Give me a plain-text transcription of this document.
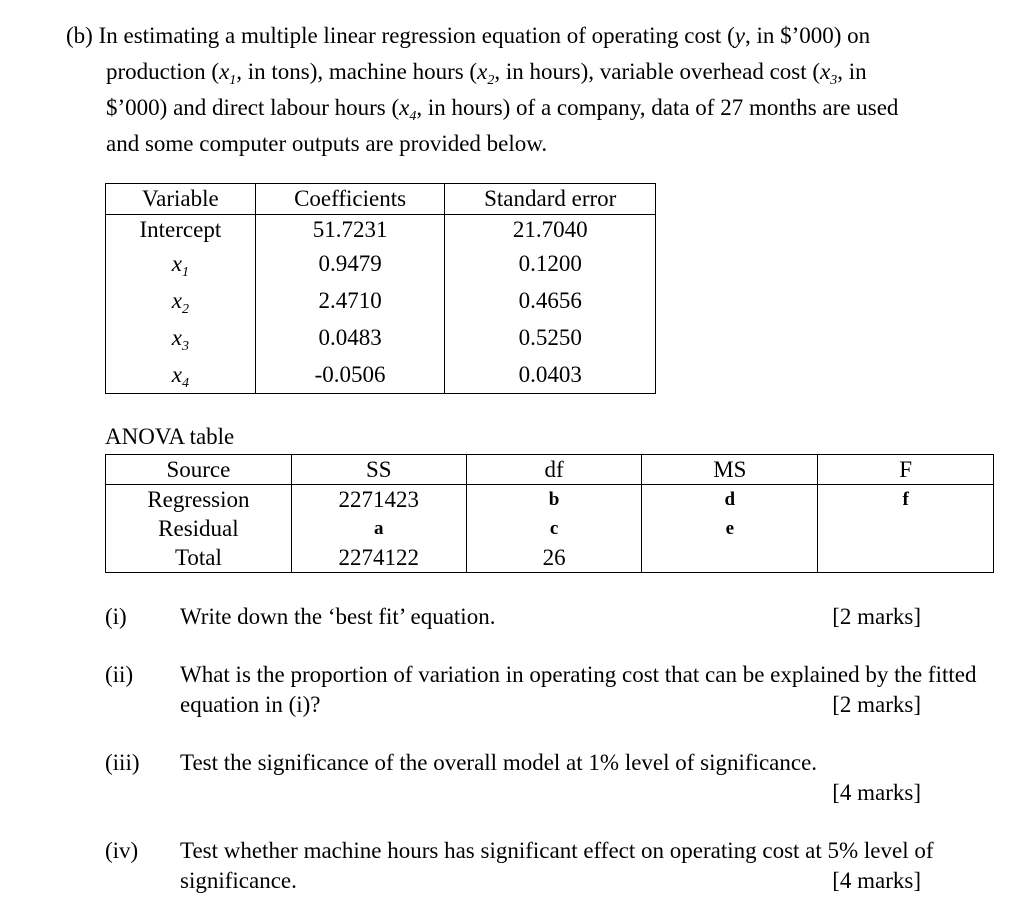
(b) In estimating a multiple linear regression equation of operating cost (y, in $’000) on
production ($x_1$, in tons), machine hours ($x_2$, in hours), variable overhead cost ($x_3$, in
$’000) and direct labour hours ($x_4$, in hours) of a company, data of 27 months are used
and some computer outputs are provided below.
Variable	Coefficients	Standard error
Intercept	51.7231	21.7040
$x_1$	0.9479	0.1200
$x_2$	2.4710	0.4656
$x_3$	0.0483	0.5250
$x_4$	-0.0506	0.0403
ANOVA table
Source	SS	df	MS	F
Regression	2271423	b	d	f
Residual	a	c	e	
Total	2274122	26		
(i) Write down the ‘best fit’ equation.	[2 marks]
(ii) What is the proportion of variation in operating cost that can be explained by the fitted equation in (i)?	[2 marks]
(iii) Test the significance of the overall model at 1% level of significance.
[4 marks]
(iv) Test whether machine hours has significant effect on operating cost at 5% level of significance.	[4 marks]
